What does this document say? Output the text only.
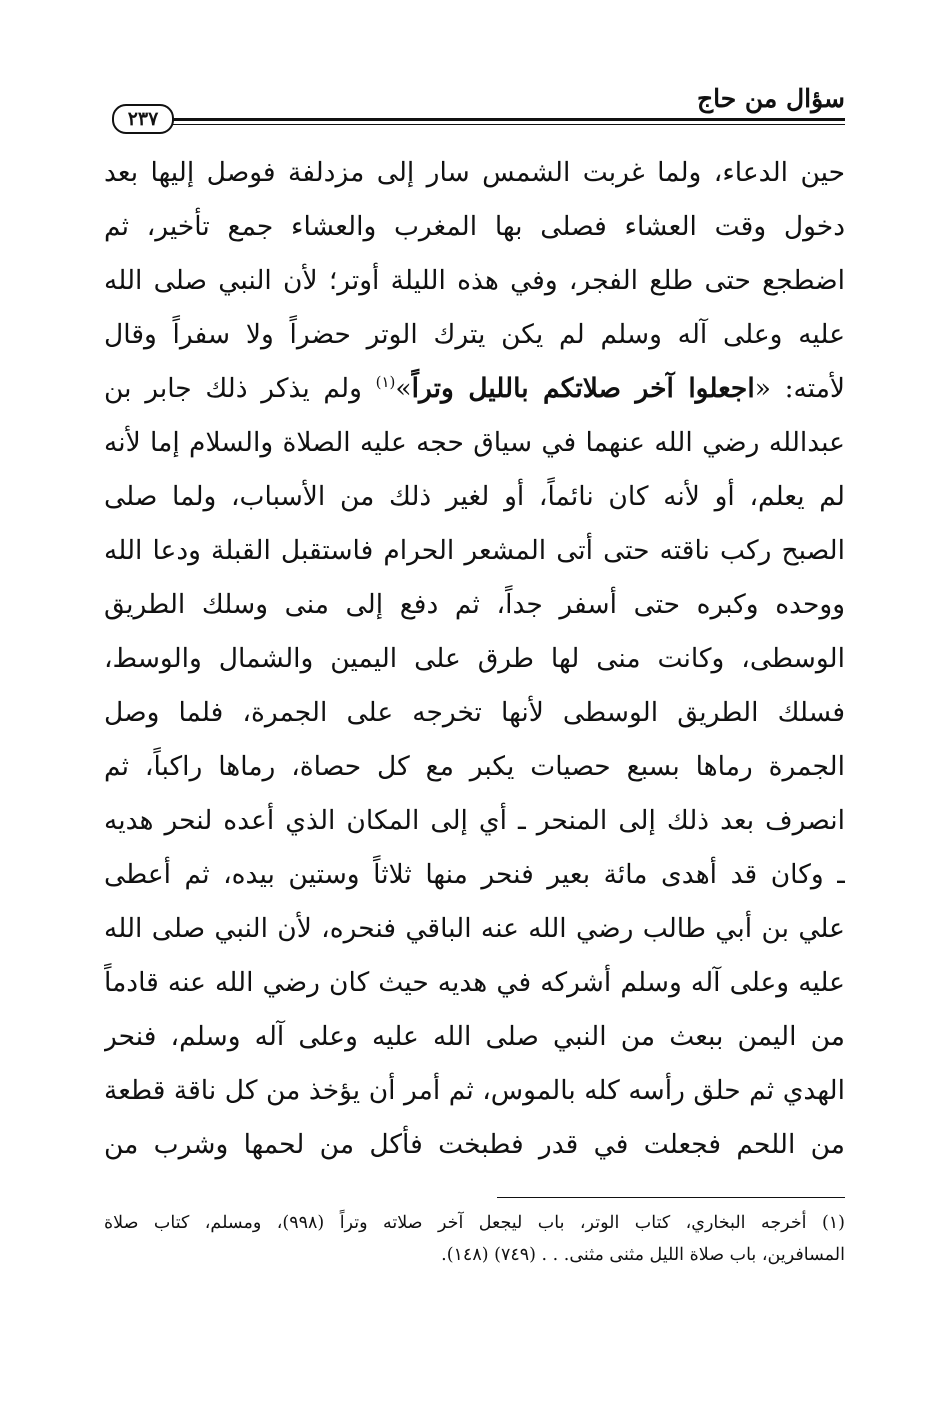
سؤال من حاج
٢٣٧
حين الدعاء، ولما غربت الشمس سار إلى مزدلفة فوصل إليها بعد
دخول وقت العشاء فصلى بها المغرب والعشاء جمع تأخير، ثم
اضطجع حتى طلع الفجر، وفي هذه الليلة أوتر؛ لأن النبي صلى الله
عليه وعلى آله وسلم لم يكن يترك الوتر حضراً ولا سفراً وقال
لأمته: «اجعلوا آخر صلاتكم بالليل وتراً»$^{(١)}$ ولم يذكر ذلك جابر بن
عبدالله رضي الله عنهما في سياق حجه عليه الصلاة والسلام إما لأنه
لم يعلم، أو لأنه كان نائماً، أو لغير ذلك من الأسباب، ولما صلى
الصبح ركب ناقته حتى أتى المشعر الحرام فاستقبل القبلة ودعا الله
ووحده وكبره حتى أسفر جداً، ثم دفع إلى منى وسلك الطريق
الوسطى، وكانت منى لها طرق على اليمين والشمال والوسط،
فسلك الطريق الوسطى لأنها تخرجه على الجمرة، فلما وصل
الجمرة رماها بسبع حصيات يكبر مع كل حصاة، رماها راكباً، ثم
انصرف بعد ذلك إلى المنحر ـ أي إلى المكان الذي أعده لنحر هديه
ـ وكان قد أهدى مائة بعير فنحر منها ثلاثاً وستين بيده، ثم أعطى
علي بن أبي طالب رضي الله عنه الباقي فنحره، لأن النبي صلى الله
عليه وعلى آله وسلم أشركه في هديه حيث كان رضي الله عنه قادماً
من اليمن ببعث من النبي صلى الله عليه وعلى آله وسلم، فنحر
الهدي ثم حلق رأسه كله بالموس، ثم أمر أن يؤخذ من كل ناقة قطعة
من اللحم فجعلت في قدر فطبخت فأكل من لحمها وشرب من
(١) أخرجه البخاري، كتاب الوتر، باب ليجعل آخر صلاته وتراً (٩٩٨)، ومسلم، كتاب صلاة
المسافرين، باب صلاة الليل مثنى مثنى. . . (٧٤٩) (١٤٨).
